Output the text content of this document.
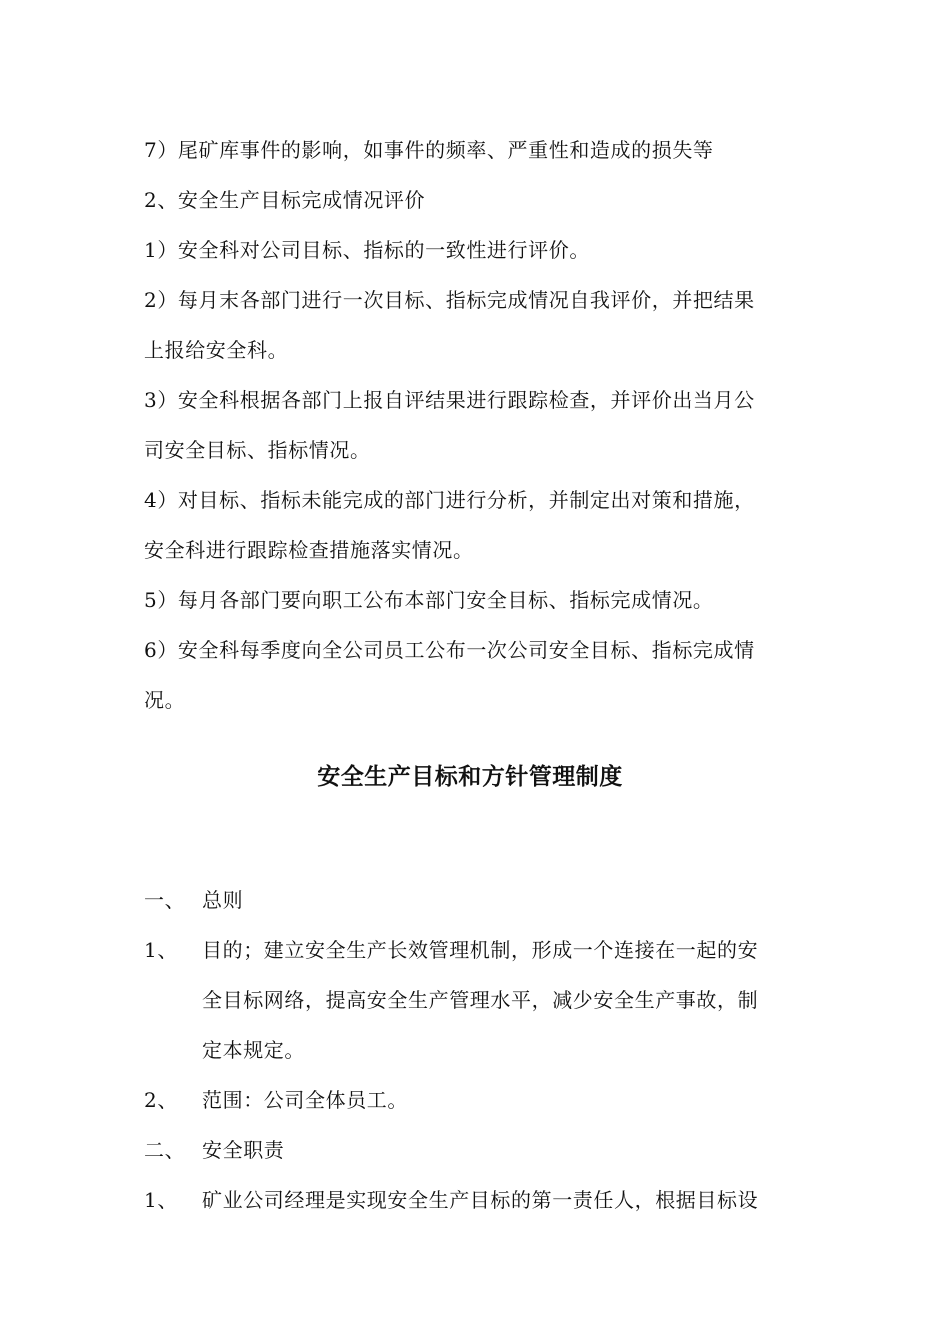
7）尾矿库事件的影响，如事件的频率、严重性和造成的损失等
2、安全生产目标完成情况评价
1）安全科对公司目标、指标的一致性进行评价。
2）每月末各部门进行一次目标、指标完成情况自我评价，并把结果
上报给安全科。
3）安全科根据各部门上报自评结果进行跟踪检查，并评价出当月公
司安全目标、指标情况。
4）对目标、指标未能完成的部门进行分析，并制定出对策和措施，
安全科进行跟踪检查措施落实情况。
5）每月各部门要向职工公布本部门安全目标、指标完成情况。
6）安全科每季度向全公司员工公布一次公司安全目标、指标完成情
况。
安全生产目标和方针管理制度
一、 总则
1、	目的；建立安全生产长效管理机制，形成一个连接在一起的安
全目标网络，提高安全生产管理水平，减少安全生产事故，制
定本规定。
2、	范围：公司全体员工。
二、 安全职责
1、	矿业公司经理是实现安全生产目标的第一责任人，根据目标设
